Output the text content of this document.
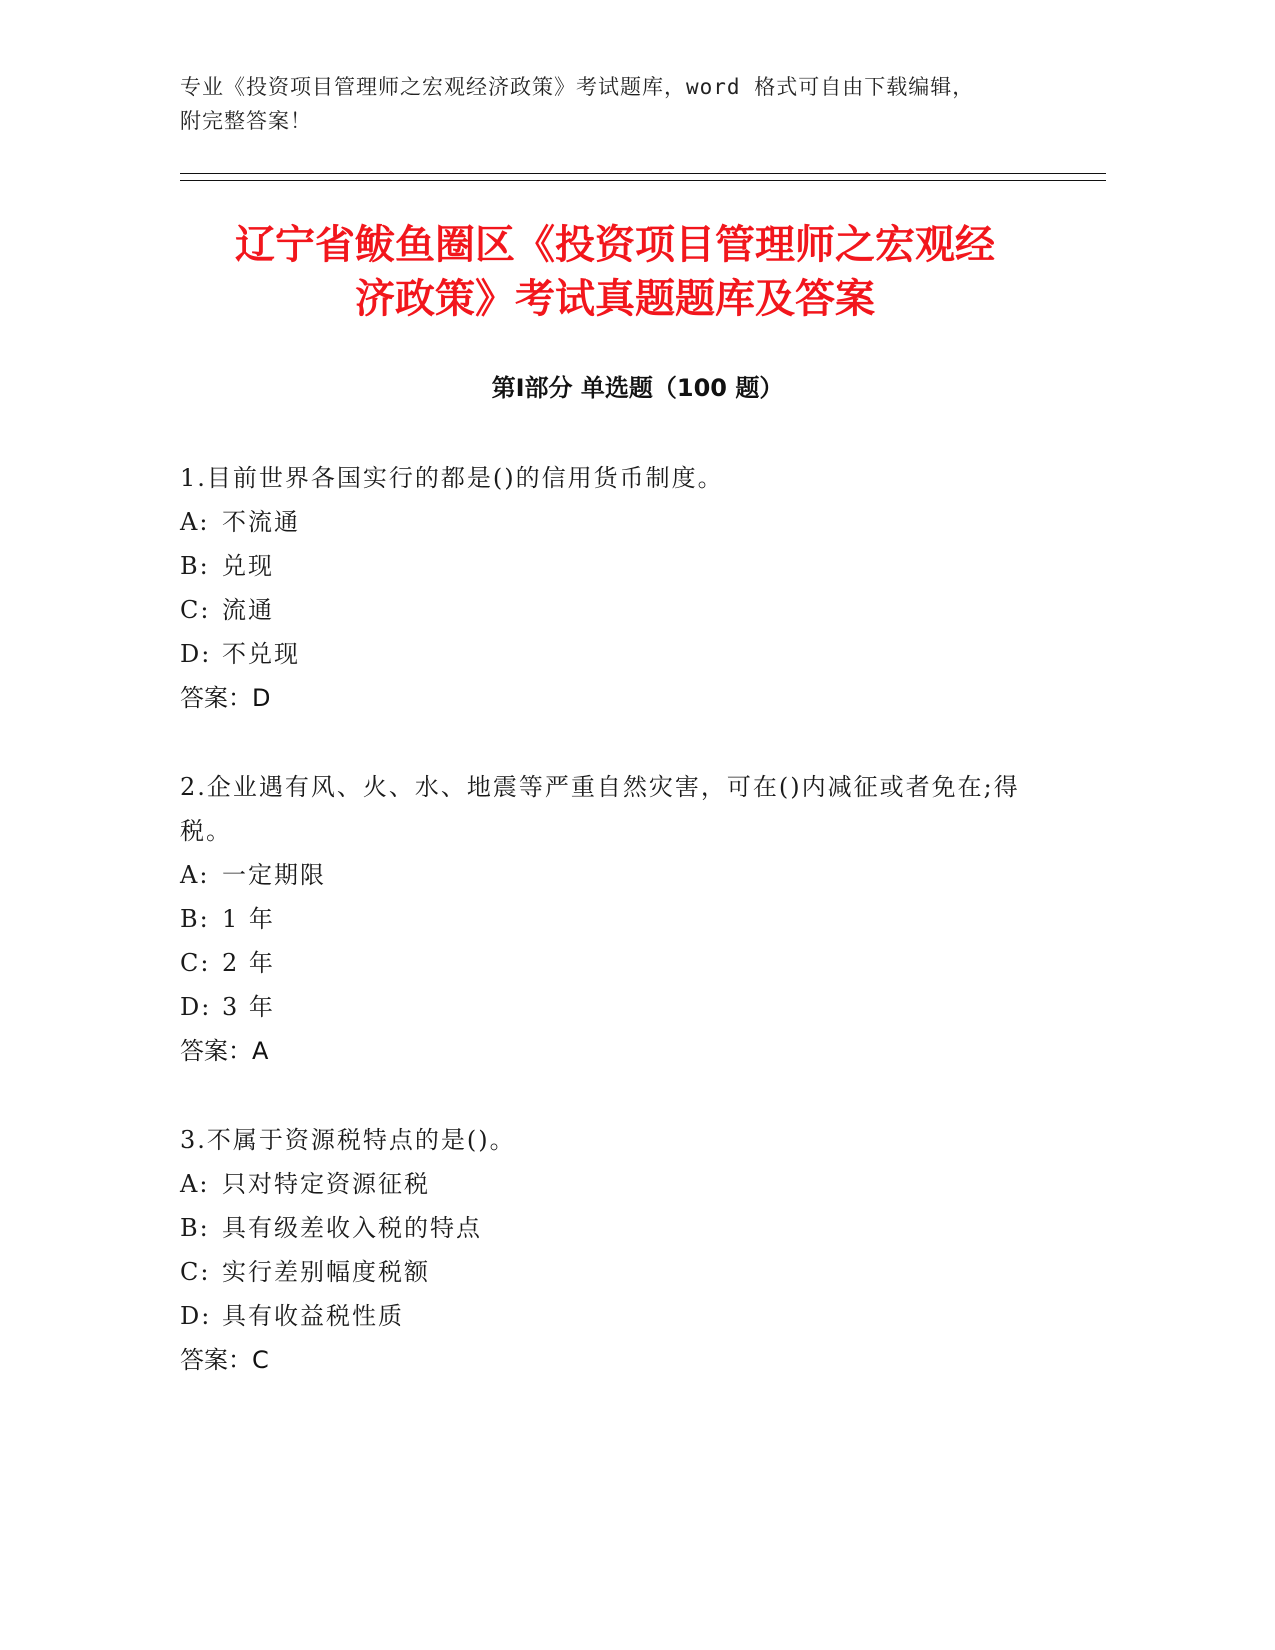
专业《投资项目管理师之宏观经济政策》考试题库，word 格式可自由下载编辑，
附完整答案！
辽宁省鲅鱼圈区《投资项目管理师之宏观经
济政策》考试真题题库及答案
第Ⅰ部分 单选题（100 题）
1.目前世界各国实行的都是()的信用货币制度。
A: 不流通
B: 兑现
C: 流通
D: 不兑现
答案：D
2.企业遇有风、火、水、地震等严重自然灾害，可在()内减征或者免在;得税。
A: 一定期限
B: 1 年
C: 2 年
D: 3 年
答案：A
3.不属于资源税特点的是()。
A: 只对特定资源征税
B: 具有级差收入税的特点
C: 实行差别幅度税额
D: 具有收益税性质
答案：C
